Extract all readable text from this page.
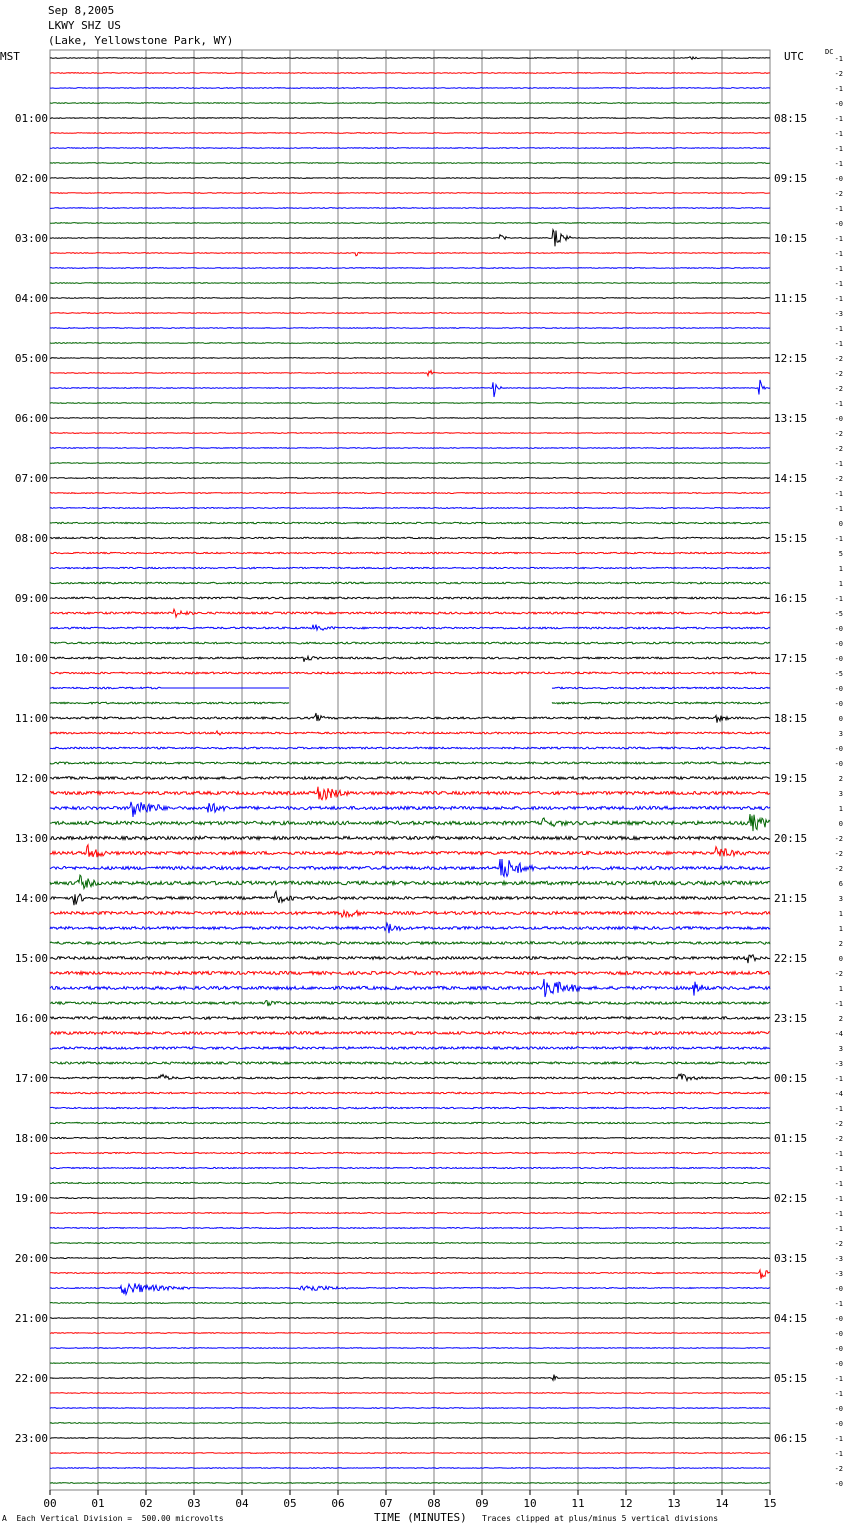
Sep 8,2005
LKWY SHZ US
(Lake, Yellowstone Park, WY)
MST	UTC	DC
00	01	02	03	04	05	06	07	08	09	10	11	12	13	14	15
01:00
02:00
03:00
04:00
05:00
06:00
07:00
08:00
09:00
10:00
11:00
12:00
13:00
14:00
15:00
16:00
17:00
18:00
19:00
20:00
21:00
22:00
23:00
08:15
09:15
10:15
11:15
12:15
13:15
14:15
15:15
16:15
17:15
18:15
19:15
20:15
21:15
22:15
23:15
00:15
01:15
02:15
03:15
04:15
05:15
06:15
-1
-2
-1
-0
-1
-1
-1
-1
-0
-2
-1
-0
-1
-1
-1
-1
-1
-3
-1
-1
-2
-2
-2
-1
-0
-2
-2
-1
-2
-1
-1
0
-1
5
1
1
-1
-5
-0
-0
-0
-5
-0
-0
0
3
-0
-0
2
3
1
0
-2
-2
-2
6
3
1
1
2
0
-2
1
-1
2
-4
3
-3
-1
-4
-1
-2
-2
-1
-1
-1
-1
-1
-1
-2
-3
-3
-0
-1
-0
-0
-0
-0
-1
-1
-0
-0
-1
-1
-2
-0
A Each Vertical Division =  500.00 microvolts	TIME (MINUTES) Traces clipped at plus/minus 5 vertical divisions
